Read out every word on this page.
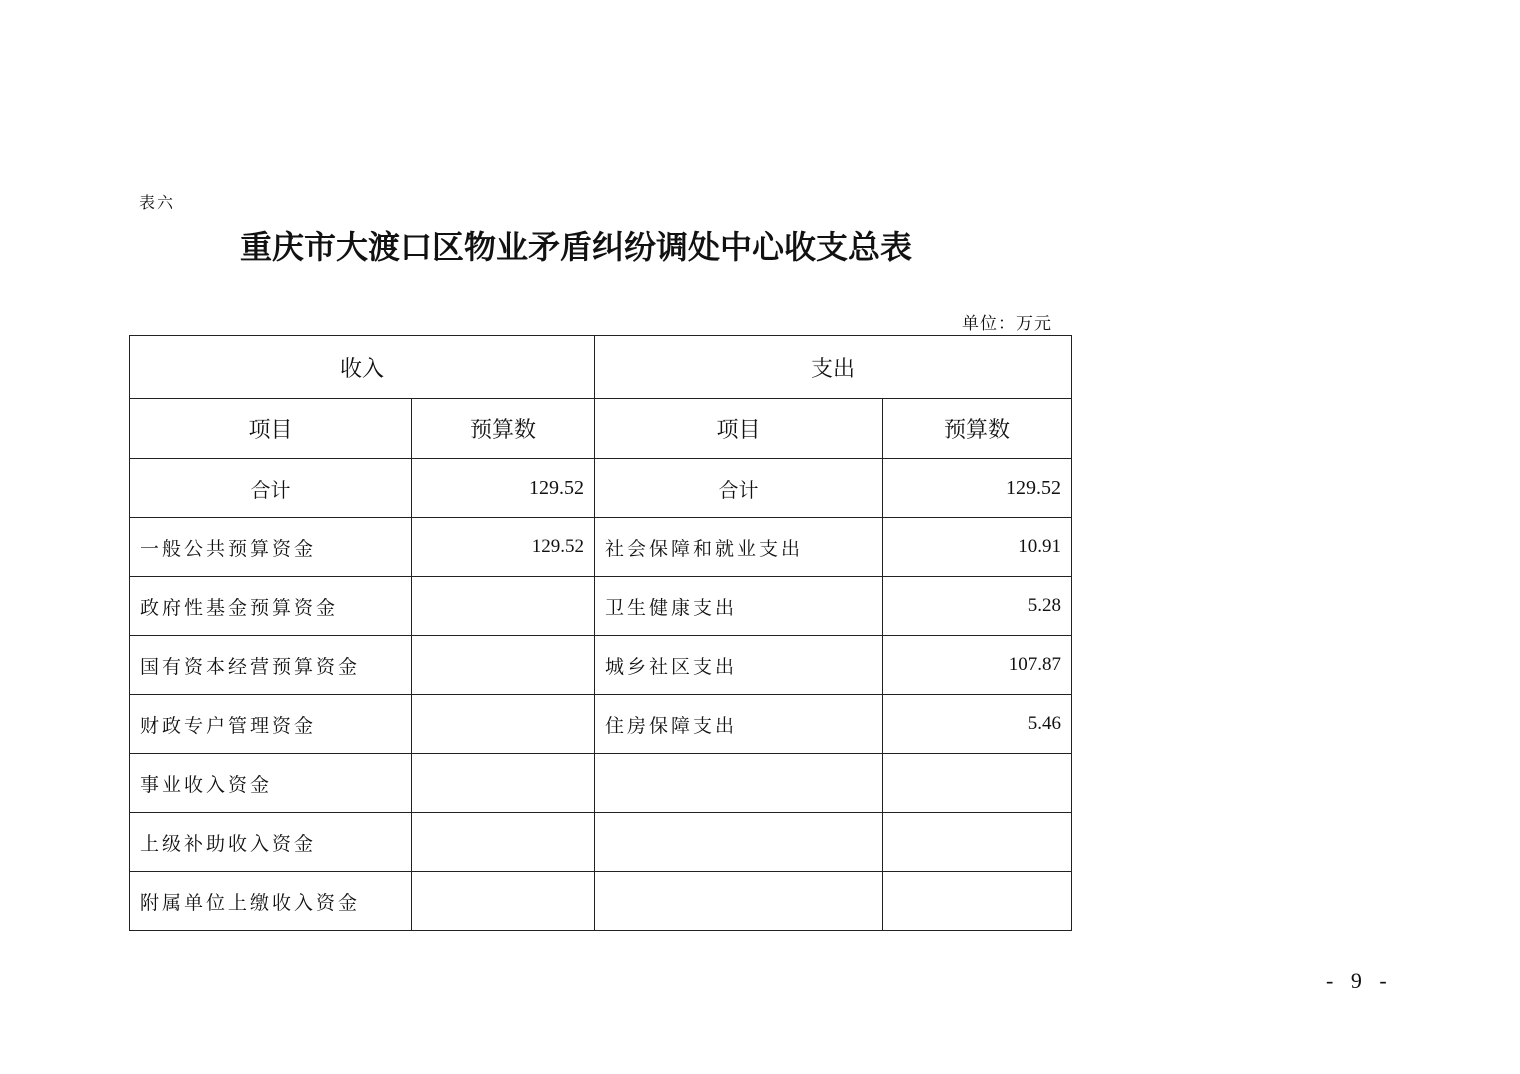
表六
重庆市大渡口区物业矛盾纠纷调处中心收支总表
单位：万元
收入		支出	
项目	预算数	项目	预算数
合计	129.52	合计	129.52
一般公共预算资金	129.52	社会保障和就业支出	10.91
政府性基金预算资金		卫生健康支出	5.28
国有资本经营预算资金		城乡社区支出	107.87
财政专户管理资金		住房保障支出	5.46
事业收入资金			
上级补助收入资金			
附属单位上缴收入资金			
- 9 -
